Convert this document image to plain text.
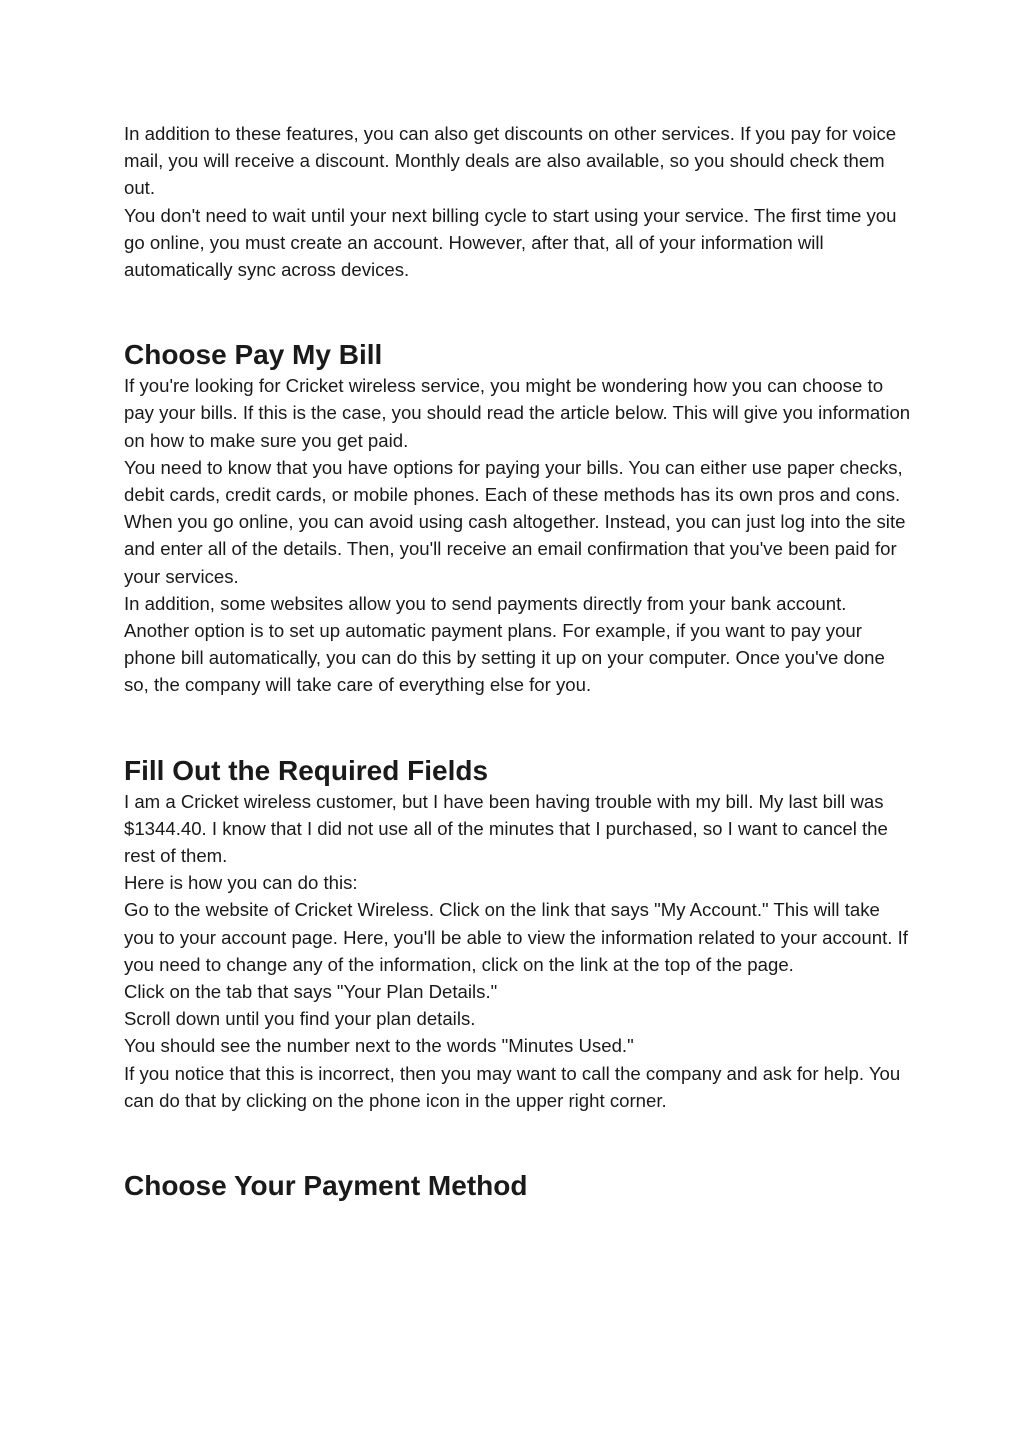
In addition to these features, you can also get discounts on other services. If you pay for voice mail, you will receive a discount. Monthly deals are also available, so you should check them out.

You don't need to wait until your next billing cycle to start using your service. The first time you go online, you must create an account. However, after that, all of your information will automatically sync across devices.

Choose Pay My Bill

If you're looking for Cricket wireless service, you might be wondering how you can choose to pay your bills. If this is the case, you should read the article below. This will give you information on how to make sure you get paid.

You need to know that you have options for paying your bills. You can either use paper checks, debit cards, credit cards, or mobile phones. Each of these methods has its own pros and cons.

When you go online, you can avoid using cash altogether. Instead, you can just log into the site and enter all of the details. Then, you'll receive an email confirmation that you've been paid for your services.

In addition, some websites allow you to send payments directly from your bank account.

Another option is to set up automatic payment plans. For example, if you want to pay your phone bill automatically, you can do this by setting it up on your computer. Once you've done so, the company will take care of everything else for you.

Fill Out the Required Fields

I am a Cricket wireless customer, but I have been having trouble with my bill. My last bill was $1344.40. I know that I did not use all of the minutes that I purchased, so I want to cancel the rest of them.

Here is how you can do this:

Go to the website of Cricket Wireless. Click on the link that says "My Account." This will take you to your account page. Here, you'll be able to view the information related to your account. If you need to change any of the information, click on the link at the top of the page.

Click on the tab that says "Your Plan Details."

Scroll down until you find your plan details.

You should see the number next to the words "Minutes Used."

If you notice that this is incorrect, then you may want to call the company and ask for help. You can do that by clicking on the phone icon in the upper right corner.

Choose Your Payment Method
